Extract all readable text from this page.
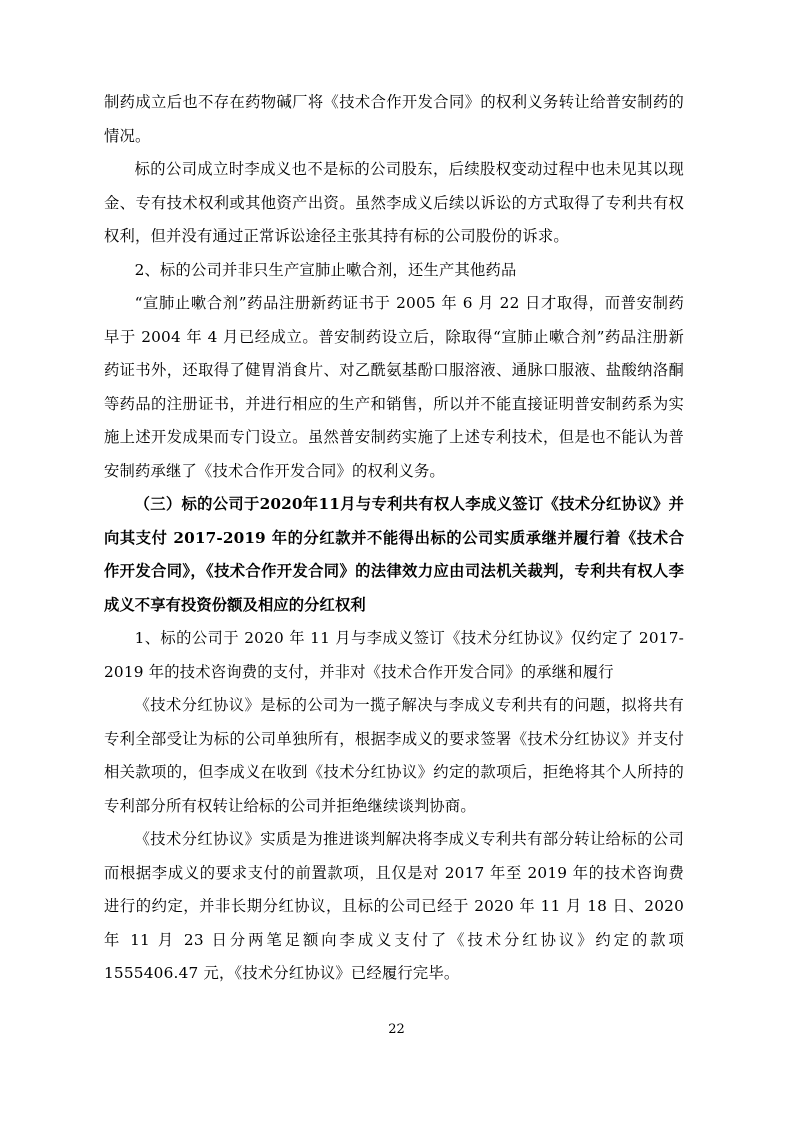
制药成立后也不存在药物碱厂将《技术合作开发合同》的权利义务转让给普安制药的情况。

标的公司成立时李成义也不是标的公司股东，后续股权变动过程中也未见其以现金、专有技术权利或其他资产出资。虽然李成义后续以诉讼的方式取得了专利共有权权利，但并没有通过正常诉讼途径主张其持有标的公司股份的诉求。

2、标的公司并非只生产宣肺止嗽合剂，还生产其他药品

“宣肺止嗽合剂”药品注册新药证书于 2005 年 6 月 22 日才取得，而普安制药早于 2004 年 4 月已经成立。普安制药设立后，除取得“宣肺止嗽合剂”药品注册新药证书外，还取得了健胃消食片、对乙酰氨基酚口服溶液、通脉口服液、盐酸纳洛酮等药品的注册证书，并进行相应的生产和销售，所以并不能直接证明普安制药系为实施上述开发成果而专门设立。虽然普安制药实施了上述专利技术，但是也不能认为普安制药承继了《技术合作开发合同》的权利义务。

（三）标的公司于2020年11月与专利共有权人李成义签订《技术分红协议》并向其支付 2017-2019 年的分红款并不能得出标的公司实质承继并履行着《技术合作开发合同》，《技术合作开发合同》的法律效力应由司法机关裁判，专利共有权人李成义不享有投资份额及相应的分红权利

1、标的公司于 2020 年 11 月与李成义签订《技术分红协议》仅约定了 2017-2019 年的技术咨询费的支付，并非对《技术合作开发合同》的承继和履行

《技术分红协议》是标的公司为一揽子解决与李成义专利共有的问题，拟将共有专利全部受让为标的公司单独所有，根据李成义的要求签署《技术分红协议》并支付相关款项的，但李成义在收到《技术分红协议》约定的款项后，拒绝将其个人所持的专利部分所有权转让给标的公司并拒绝继续谈判协商。

《技术分红协议》实质是为推进谈判解决将李成义专利共有部分转让给标的公司而根据李成义的要求支付的前置款项，且仅是对 2017 年至 2019 年的技术咨询费进行的约定，并非长期分红协议，且标的公司已经于 2020 年 11 月 18 日、2020 年 11 月 23 日分两笔足额向李成义支付了《技术分红协议》约定的款项 1555406.47 元，《技术分红协议》已经履行完毕。

22
